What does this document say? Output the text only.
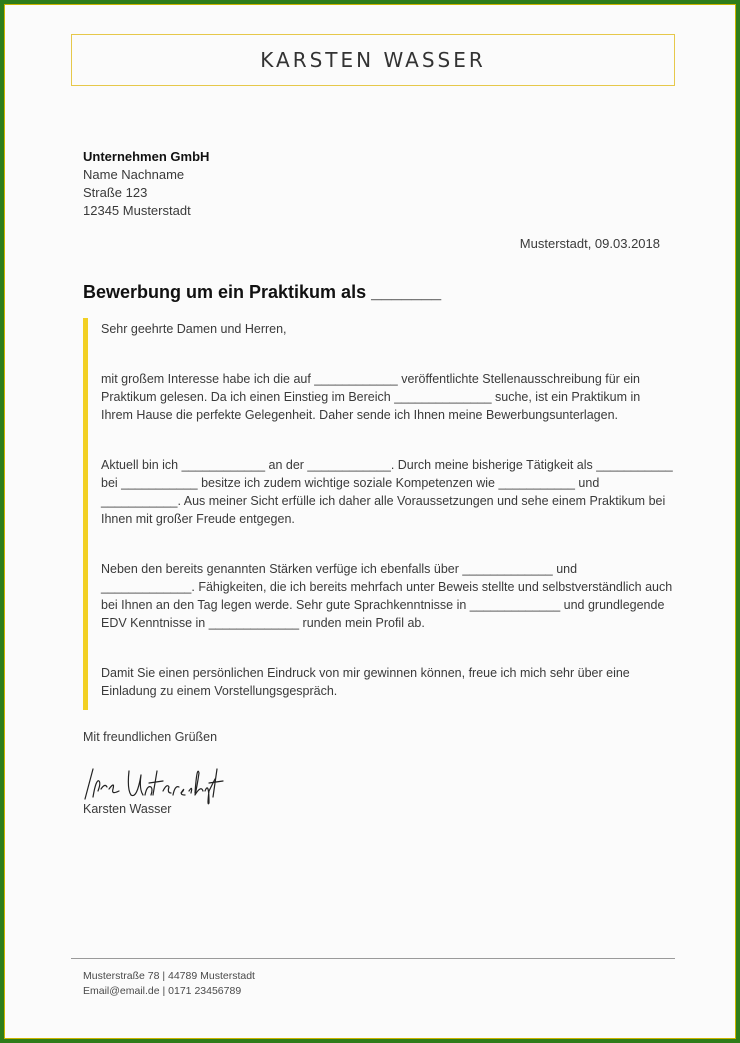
KARSTEN WASSER
Unternehmen GmbH
Name Nachname
Straße 123
12345 Musterstadt
Musterstadt, 09.03.2018
Bewerbung um ein Praktikum als _______

Sehr geehrte Damen und Herren,

mit großem Interesse habe ich die auf ____________ veröffentlichte Stellenausschreibung für ein Praktikum gelesen. Da ich einen Einstieg im Bereich ______________ suche, ist ein Praktikum in Ihrem Hause die perfekte Gelegenheit. Daher sende ich Ihnen meine Bewerbungsunterlagen.

Aktuell bin ich ____________ an der ____________. Durch meine bisherige Tätigkeit als ___________ bei ___________ besitze ich zudem wichtige soziale Kompetenzen wie ___________ und ___________. Aus meiner Sicht erfülle ich daher alle Voraussetzungen und sehe einem Praktikum bei Ihnen mit großer Freude entgegen.

Neben den bereits genannten Stärken verfüge ich ebenfalls über _____________ und _____________. Fähigkeiten, die ich bereits mehrfach unter Beweis stellte und selbstverständlich auch bei Ihnen an den Tag legen werde. Sehr gute Sprachkenntnisse in _____________ und grundlegende EDV Kenntnisse in _____________ runden mein Profil ab.

Damit Sie einen persönlichen Eindruck von mir gewinnen können, freue ich mich sehr über eine Einladung zu einem Vorstellungsgespräch.

Mit freundlichen Grüßen
Karsten Wasser
Musterstraße 78 | 44789 Musterstadt
Email@email.de | 0171 23456789
